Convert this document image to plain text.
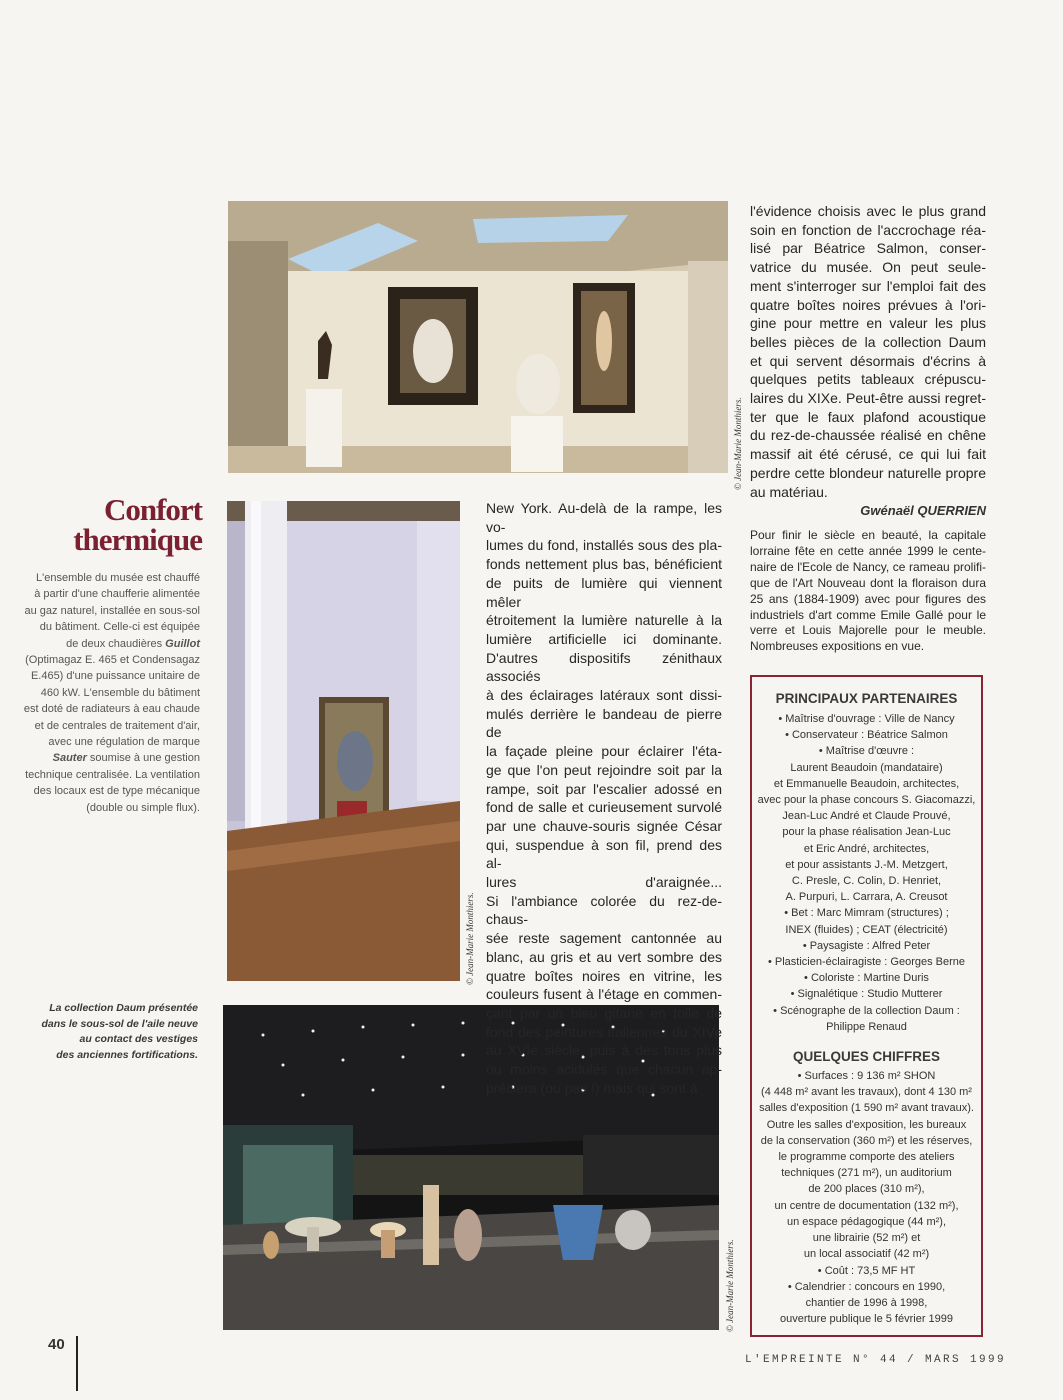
© Jean-Marie Monthiers.
© Jean-Marie Monthiers.
© Jean-Marie Monthiers.
Confort
thermique
L'ensemble du musée est chauffé
à partir d'une chaufferie alimentée
au gaz naturel, installée en sous-sol
du bâtiment. Celle-ci est équipée
de deux chaudières Guillot
(Optimagaz E. 465 et Condensagaz
E.465) d'une puissance unitaire de
460 kW. L'ensemble du bâtiment
est doté de radiateurs à eau chaude
et de centrales de traitement d'air,
avec une régulation de marque
Sauter soumise à une gestion
technique centralisée. La ventilation
des locaux est de type mécanique
(double ou simple flux).
La collection Daum présentée
dans le sous-sol de l'aile neuve
au contact des vestiges
des anciennes fortifications.
New York. Au-delà de la rampe, les vo-
lumes du fond, installés sous des pla-
fonds nettement plus bas, bénéficient
de puits de lumière qui viennent mêler
étroitement la lumière naturelle à la
lumière artificielle ici dominante.
D'autres dispositifs zénithaux associés
à des éclairages latéraux sont dissi-
mulés derrière le bandeau de pierre de
la façade pleine pour éclairer l'éta-
ge que l'on peut rejoindre soit par la
rampe, soit par l'escalier adossé en
fond de salle et curieusement survolé
par une chauve-souris signée César
qui, suspendue à son fil, prend des al-
lures d'araignée...
Si l'ambiance colorée du rez-de-chaus-
sée reste sagement cantonnée au
blanc, au gris et au vert sombre des
quatre boîtes noires en vitrine, les
couleurs fusent à l'étage en commen-
çant par un bleu gitane en toile de
fond des peintures italiennes du XIVe
au XVIe siècle, puis à des tons plus
ou moins acidulés que chacun ap-
préciera (ou pas !) mais qui sont à
l'évidence choisis avec le plus grand
soin en fonction de l'accrochage réa-
lisé par Béatrice Salmon, conser-
vatrice du musée. On peut seule-
ment s'interroger sur l'emploi fait des
quatre boîtes noires prévues à l'ori-
gine pour mettre en valeur les plus
belles pièces de la collection Daum
et qui servent désormais d'écrins à
quelques petits tableaux crépuscu-
laires du XIXe. Peut-être aussi regret-
ter que le faux plafond acoustique
du rez-de-chaussée réalisé en chêne
massif ait été cérusé, ce qui lui fait
perdre cette blondeur naturelle propre
au matériau.
Gwénaël QUERRIEN
Pour finir le siècle en beauté, la capitale
lorraine fête en cette année 1999 le cente-
naire de l'Ecole de Nancy, ce rameau prolifi-
que de l'Art Nouveau dont la floraison dura
25 ans (1884-1909) avec pour figures des
industriels d'art comme Emile Gallé pour le
verre et Louis Majorelle pour le meuble.
Nombreuses expositions en vue.
PRINCIPAUX PARTENAIRES
• Maîtrise d'ouvrage : Ville de Nancy
• Conservateur : Béatrice Salmon
• Maîtrise d'œuvre :
Laurent Beaudoin (mandataire)
et Emmanuelle Beaudoin, architectes,
avec pour la phase concours S. Giacomazzi,
Jean-Luc André et Claude Prouvé,
pour la phase réalisation Jean-Luc
et Eric André, architectes,
et pour assistants J.-M. Metzgert,
C. Presle, C. Colin, D. Henriet,
A. Purpuri, L. Carrara, A. Creusot
• Bet : Marc Mimram (structures) ;
INEX (fluides) ; CEAT (électricité)
• Paysagiste : Alfred Peter
• Plasticien-éclairagiste : Georges Berne
• Coloriste : Martine Duris
• Signalétique : Studio Mutterer
• Scénographe de la collection Daum :
Philippe Renaud
QUELQUES CHIFFRES
• Surfaces : 9 136 m² SHON
(4 448 m² avant les travaux), dont 4 130 m²
salles d'exposition (1 590 m² avant travaux).
Outre les salles d'exposition, les bureaux
de la conservation (360 m²) et les réserves,
le programme comporte des ateliers
techniques (271 m²), un auditorium
de 200 places (310 m²),
un centre de documentation (132 m²),
un espace pédagogique (44 m²),
une librairie (52 m²) et
un local associatif (42 m²)
• Coût : 73,5 MF HT
• Calendrier : concours en 1990,
chantier de 1996 à 1998,
ouverture publique le 5 février 1999
40
L'EMPREINTE N° 44 / MARS 1999
